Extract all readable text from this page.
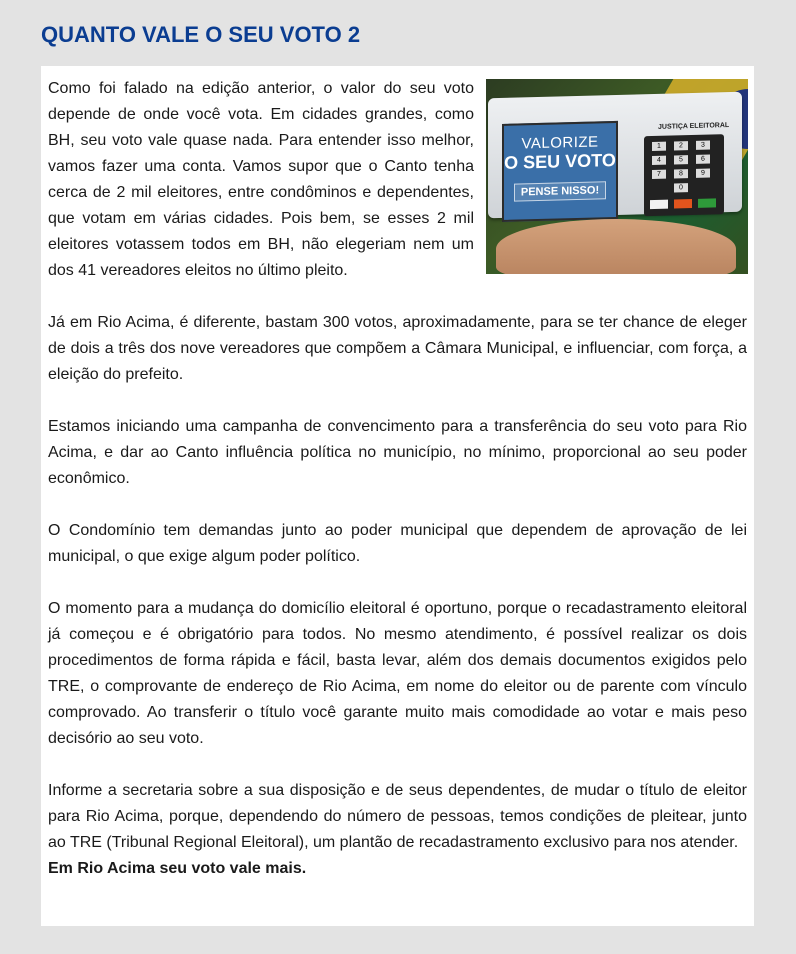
QUANTO VALE O SEU VOTO 2
JUSTIÇA ELEITORAL
VALORIZE
O SEU VOTO
PENSE NISSO!
1	2	3
4	5	6
7	8	9
0

Como foi falado na edição anterior, o valor do seu voto depende de onde você vota. Em cidades grandes, como BH, seu voto vale quase nada. Para entender isso melhor, vamos fazer uma conta. Vamos supor que o Canto tenha cerca de 2 mil eleitores, entre condôminos e dependentes, que votam em várias cidades. Pois bem, se esses 2 mil eleitores votassem todos em BH, não elegeriam nem um dos 41 vereadores eleitos no último pleito.

Já em Rio Acima, é diferente, bastam 300 votos, aproximadamente, para se ter chance de eleger de dois a três dos nove vereadores que compõem a Câmara Municipal, e influenciar, com força, a eleição do prefeito.

Estamos iniciando uma campanha de convencimento para a transferência do seu voto para Rio Acima, e dar ao Canto influência política no município, no mínimo, proporcional ao seu poder econômico.

O Condomínio tem demandas junto ao poder municipal que dependem de aprovação de lei municipal, o que exige algum poder político.

O momento para a mudança do domicílio eleitoral é oportuno, porque o recadastramento eleitoral já começou e é obrigatório para todos. No mesmo atendimento, é possível realizar os dois procedimentos de forma rápida e fácil, basta levar, além dos demais documentos exigidos pelo TRE, o comprovante de endereço de Rio Acima, em nome do eleitor ou de parente com vínculo comprovado. Ao transferir o título você garante muito mais comodidade ao votar e mais peso decisório ao seu voto.

Informe a secretaria sobre a sua disposição e de seus dependentes, de mudar o título de eleitor para Rio Acima, porque, dependendo do número de pessoas, temos condições de pleitear, junto ao TRE (Tribunal Regional Eleitoral), um plantão de recadastramento exclusivo para nos atender.

Em Rio Acima seu voto vale mais.
